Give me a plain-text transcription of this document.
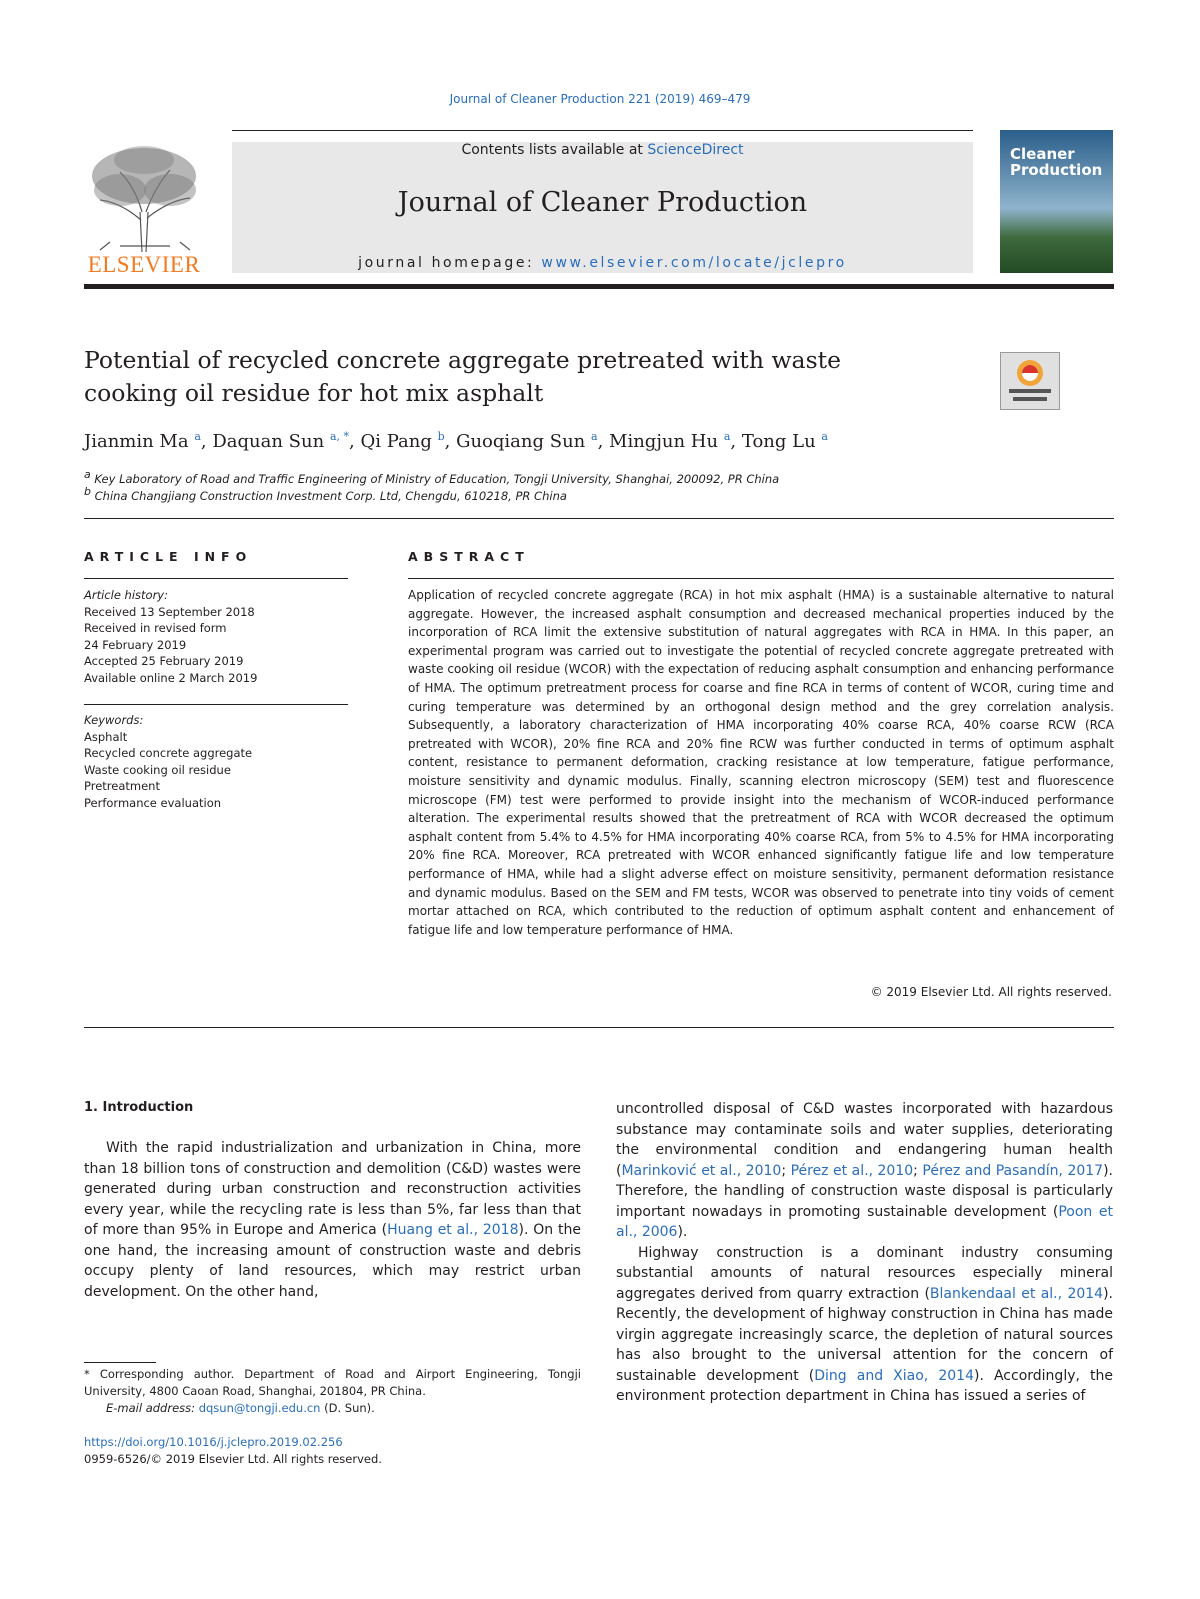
Journal of Cleaner Production 221 (2019) 469–479
ELSEVIER
Contents lists available at ScienceDirect
Journal of Cleaner Production
journal homepage: www.elsevier.com/locate/jclepro
Cleaner
Production
Potential of recycled concrete aggregate pretreated with waste
cooking oil residue for hot mix asphalt
Jianmin Ma $^a$, Daquan Sun $^{a, *}$, Qi Pang $^b$, Guoqiang Sun $^a$, Mingjun Hu $^a$, Tong Lu $^a$
$^a$ Key Laboratory of Road and Traffic Engineering of Ministry of Education, Tongji University, Shanghai, 200092, PR China
$^b$ China Changjiang Construction Investment Corp. Ltd, Chengdu, 610218, PR China
ARTICLE INFO
Article history:
Received 13 September 2018
Received in revised form
24 February 2019
Accepted 25 February 2019
Available online 2 March 2019
Keywords:
Asphalt
Recycled concrete aggregate
Waste cooking oil residue
Pretreatment
Performance evaluation
ABSTRACT
Application of recycled concrete aggregate (RCA) in hot mix asphalt (HMA) is a sustainable alternative to natural aggregate. However, the increased asphalt consumption and decreased mechanical properties induced by the incorporation of RCA limit the extensive substitution of natural aggregates with RCA in HMA. In this paper, an experimental program was carried out to investigate the potential of recycled concrete aggregate pretreated with waste cooking oil residue (WCOR) with the expectation of reducing asphalt consumption and enhancing performance of HMA. The optimum pretreatment process for coarse and fine RCA in terms of content of WCOR, curing time and curing temperature was determined by an orthogonal design method and the grey correlation analysis. Subsequently, a laboratory characterization of HMA incorporating 40% coarse RCA, 40% coarse RCW (RCA pretreated with WCOR), 20% fine RCA and 20% fine RCW was further conducted in terms of optimum asphalt content, resistance to permanent deformation, cracking resistance at low temperature, fatigue performance, moisture sensitivity and dynamic modulus. Finally, scanning electron microscopy (SEM) test and fluorescence microscope (FM) test were performed to provide insight into the mechanism of WCOR-induced performance alteration. The experimental results showed that the pretreatment of RCA with WCOR decreased the optimum asphalt content from 5.4% to 4.5% for HMA incorporating 40% coarse RCA, from 5% to 4.5% for HMA incorporating 20% fine RCA. Moreover, RCA pretreated with WCOR enhanced significantly fatigue life and low temperature performance of HMA, while had a slight adverse effect on moisture sensitivity, permanent deformation resistance and dynamic modulus. Based on the SEM and FM tests, WCOR was observed to penetrate into tiny voids of cement mortar attached on RCA, which contributed to the reduction of optimum asphalt content and enhancement of fatigue life and low temperature performance of HMA.
© 2019 Elsevier Ltd. All rights reserved.
1. Introduction

With the rapid industrialization and urbanization in China, more than 18 billion tons of construction and demolition (C&D) wastes were generated during urban construction and reconstruction activities every year, while the recycling rate is less than 5%, far less than that of more than 95% in Europe and America (Huang et al., 2018). On the one hand, the increasing amount of construction waste and debris occupy plenty of land resources, which may restrict urban development. On the other hand,

uncontrolled disposal of C&D wastes incorporated with hazardous substance may contaminate soils and water supplies, deteriorating the environmental condition and endangering human health (Marinković et al., 2010; Pérez et al., 2010; Pérez and Pasandín, 2017). Therefore, the handling of construction waste disposal is particularly important nowadays in promoting sustainable development (Poon et al., 2006).

Highway construction is a dominant industry consuming substantial amounts of natural resources especially mineral aggregates derived from quarry extraction (Blankendaal et al., 2014). Recently, the development of highway construction in China has made virgin aggregate increasingly scarce, the depletion of natural sources has also brought to the universal attention for the concern of sustainable development (Ding and Xiao, 2014). Accordingly, the environment protection department in China has issued a series of

* Corresponding author. Department of Road and Airport Engineering, Tongji University, 4800 Caoan Road, Shanghai, 201804, PR China.
E-mail address: dqsun@tongji.edu.cn (D. Sun).
https://doi.org/10.1016/j.jclepro.2019.02.256
0959-6526/© 2019 Elsevier Ltd. All rights reserved.
